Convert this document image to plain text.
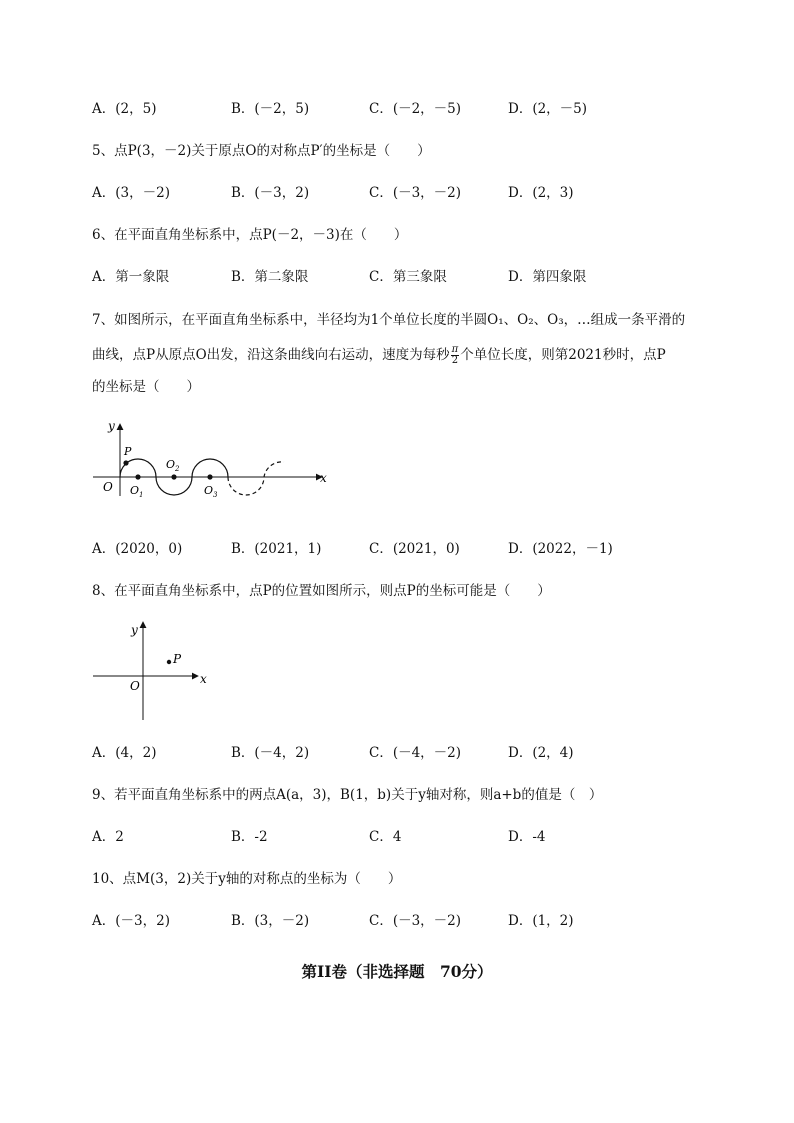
A．(2，5)	B．(－2，5)	C．(－2，－5)	D．(2，－5)
5、点P(3，－2)关于原点O的对称点P′的坐标是（　　）
A．(3，－2)	B．(－3，2)	C．(－3，－2)	D．(2，3)
6、在平面直角坐标系中，点P(－2，－3)在（　　）
A．第一象限	B．第二象限	C．第三象限	D．第四象限
7、如图所示，在平面直角坐标系中，半径均为1个单位长度的半圆O₁、O₂、O₃，…组成一条平滑的
曲线，点P从原点O出发，沿这条曲线向右运动，速度为每秒 $\frac{\pi}{2}$ 个单位长度，则第2021秒时，点P
的坐标是（　　）
y
x
O
P
$O_1$
$O_2$
$O_3$
A．(2020，0)	B．(2021，1)	C．(2021，0)	D．(2022，－1)
8、在平面直角坐标系中，点P的位置如图所示，则点P的坐标可能是（　　）
y
x
O
P
A．(4，2)	B．(－4，2)	C．(－4，－2)	D．(2，4)
9、若平面直角坐标系中的两点A(a，3)，B(1，b)关于y轴对称，则a+b的值是（　）
A．2	B．-2	C．4	D．-4
10、点M(3，2)关于y轴的对称点的坐标为（　　）
A．(－3，2)	B．(3，－2)	C．(－3，－2)	D．(1，2)
第II卷（非选择题　70分）
